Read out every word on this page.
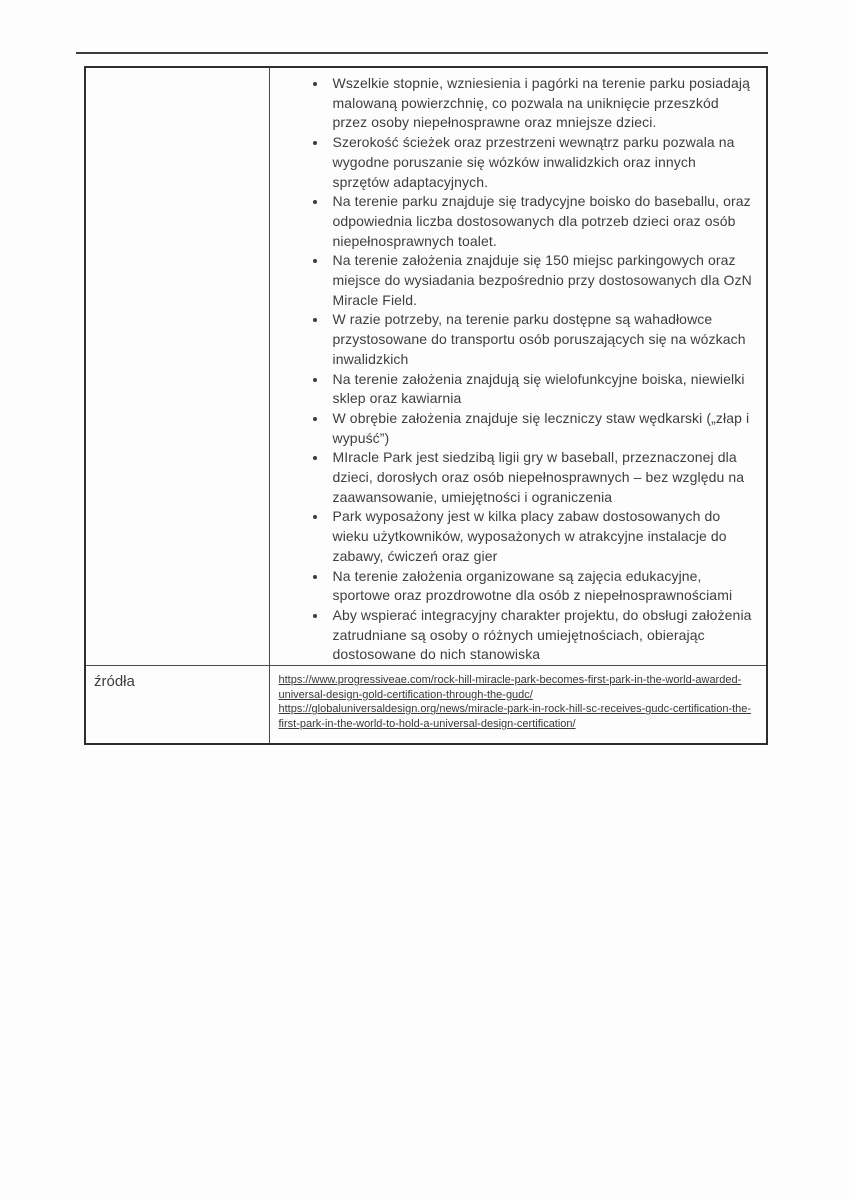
• Wszelkie stopnie, wzniesienia i pagórki na terenie parku posiadają malowaną powierzchnię, co pozwala na uniknięcie przeszkód przez osoby niepełnosprawne oraz mniejsze dzieci.
• Szerokość ścieżek oraz przestrzeni wewnątrz parku pozwala na wygodne poruszanie się wózków inwalidzkich oraz innych sprzętów adaptacyjnych.
• Na terenie parku znajduje się tradycyjne boisko do baseballu, oraz odpowiednia liczba dostosowanych dla potrzeb dzieci oraz osób niepełnosprawnych toalet.
• Na terenie założenia znajduje się 150 miejsc parkingowych oraz miejsce do wysiadania bezpośrednio przy dostosowanych dla OzN Miracle Field.
• W razie potrzeby, na terenie parku dostępne są wahadłowce przystosowane do transportu osób poruszających się na wózkach inwalidzkich
• Na terenie założenia znajdują się wielofunkcyjne boiska, niewielki sklep oraz kawiarnia
• W obrębie założenia znajduje się leczniczy staw wędkarski („złap i wypuść”)
• MIracle Park jest siedzibą ligii gry w baseball, przeznaczonej dla dzieci, dorosłych oraz osób niepełnosprawnych – bez względu na zaawansowanie, umiejętności i ograniczenia
• Park wyposażony jest w kilka placy zabaw dostosowanych do wieku użytkowników, wyposażonych w atrakcyjne instalacje do zabawy, ćwiczeń oraz gier
• Na terenie założenia organizowane są zajęcia edukacyjne, sportowe oraz prozdrowotne dla osób z niepełnosprawnościami
• Aby wspierać integracyjny charakter projektu, do obsługi założenia zatrudniane są osoby o różnych umiejętnościach, obierając dostosowane do nich stanowiska

źródła	https://www.progressiveae.com/rock-hill-miracle-park-becomes-first-park-in-the-world-awarded-universal-design-gold-certification-through-the-gudc/
https://globaluniversaldesign.org/news/miracle-park-in-rock-hill-sc-receives-gudc-certification-the-first-park-in-the-world-to-hold-a-universal-design-certification/
